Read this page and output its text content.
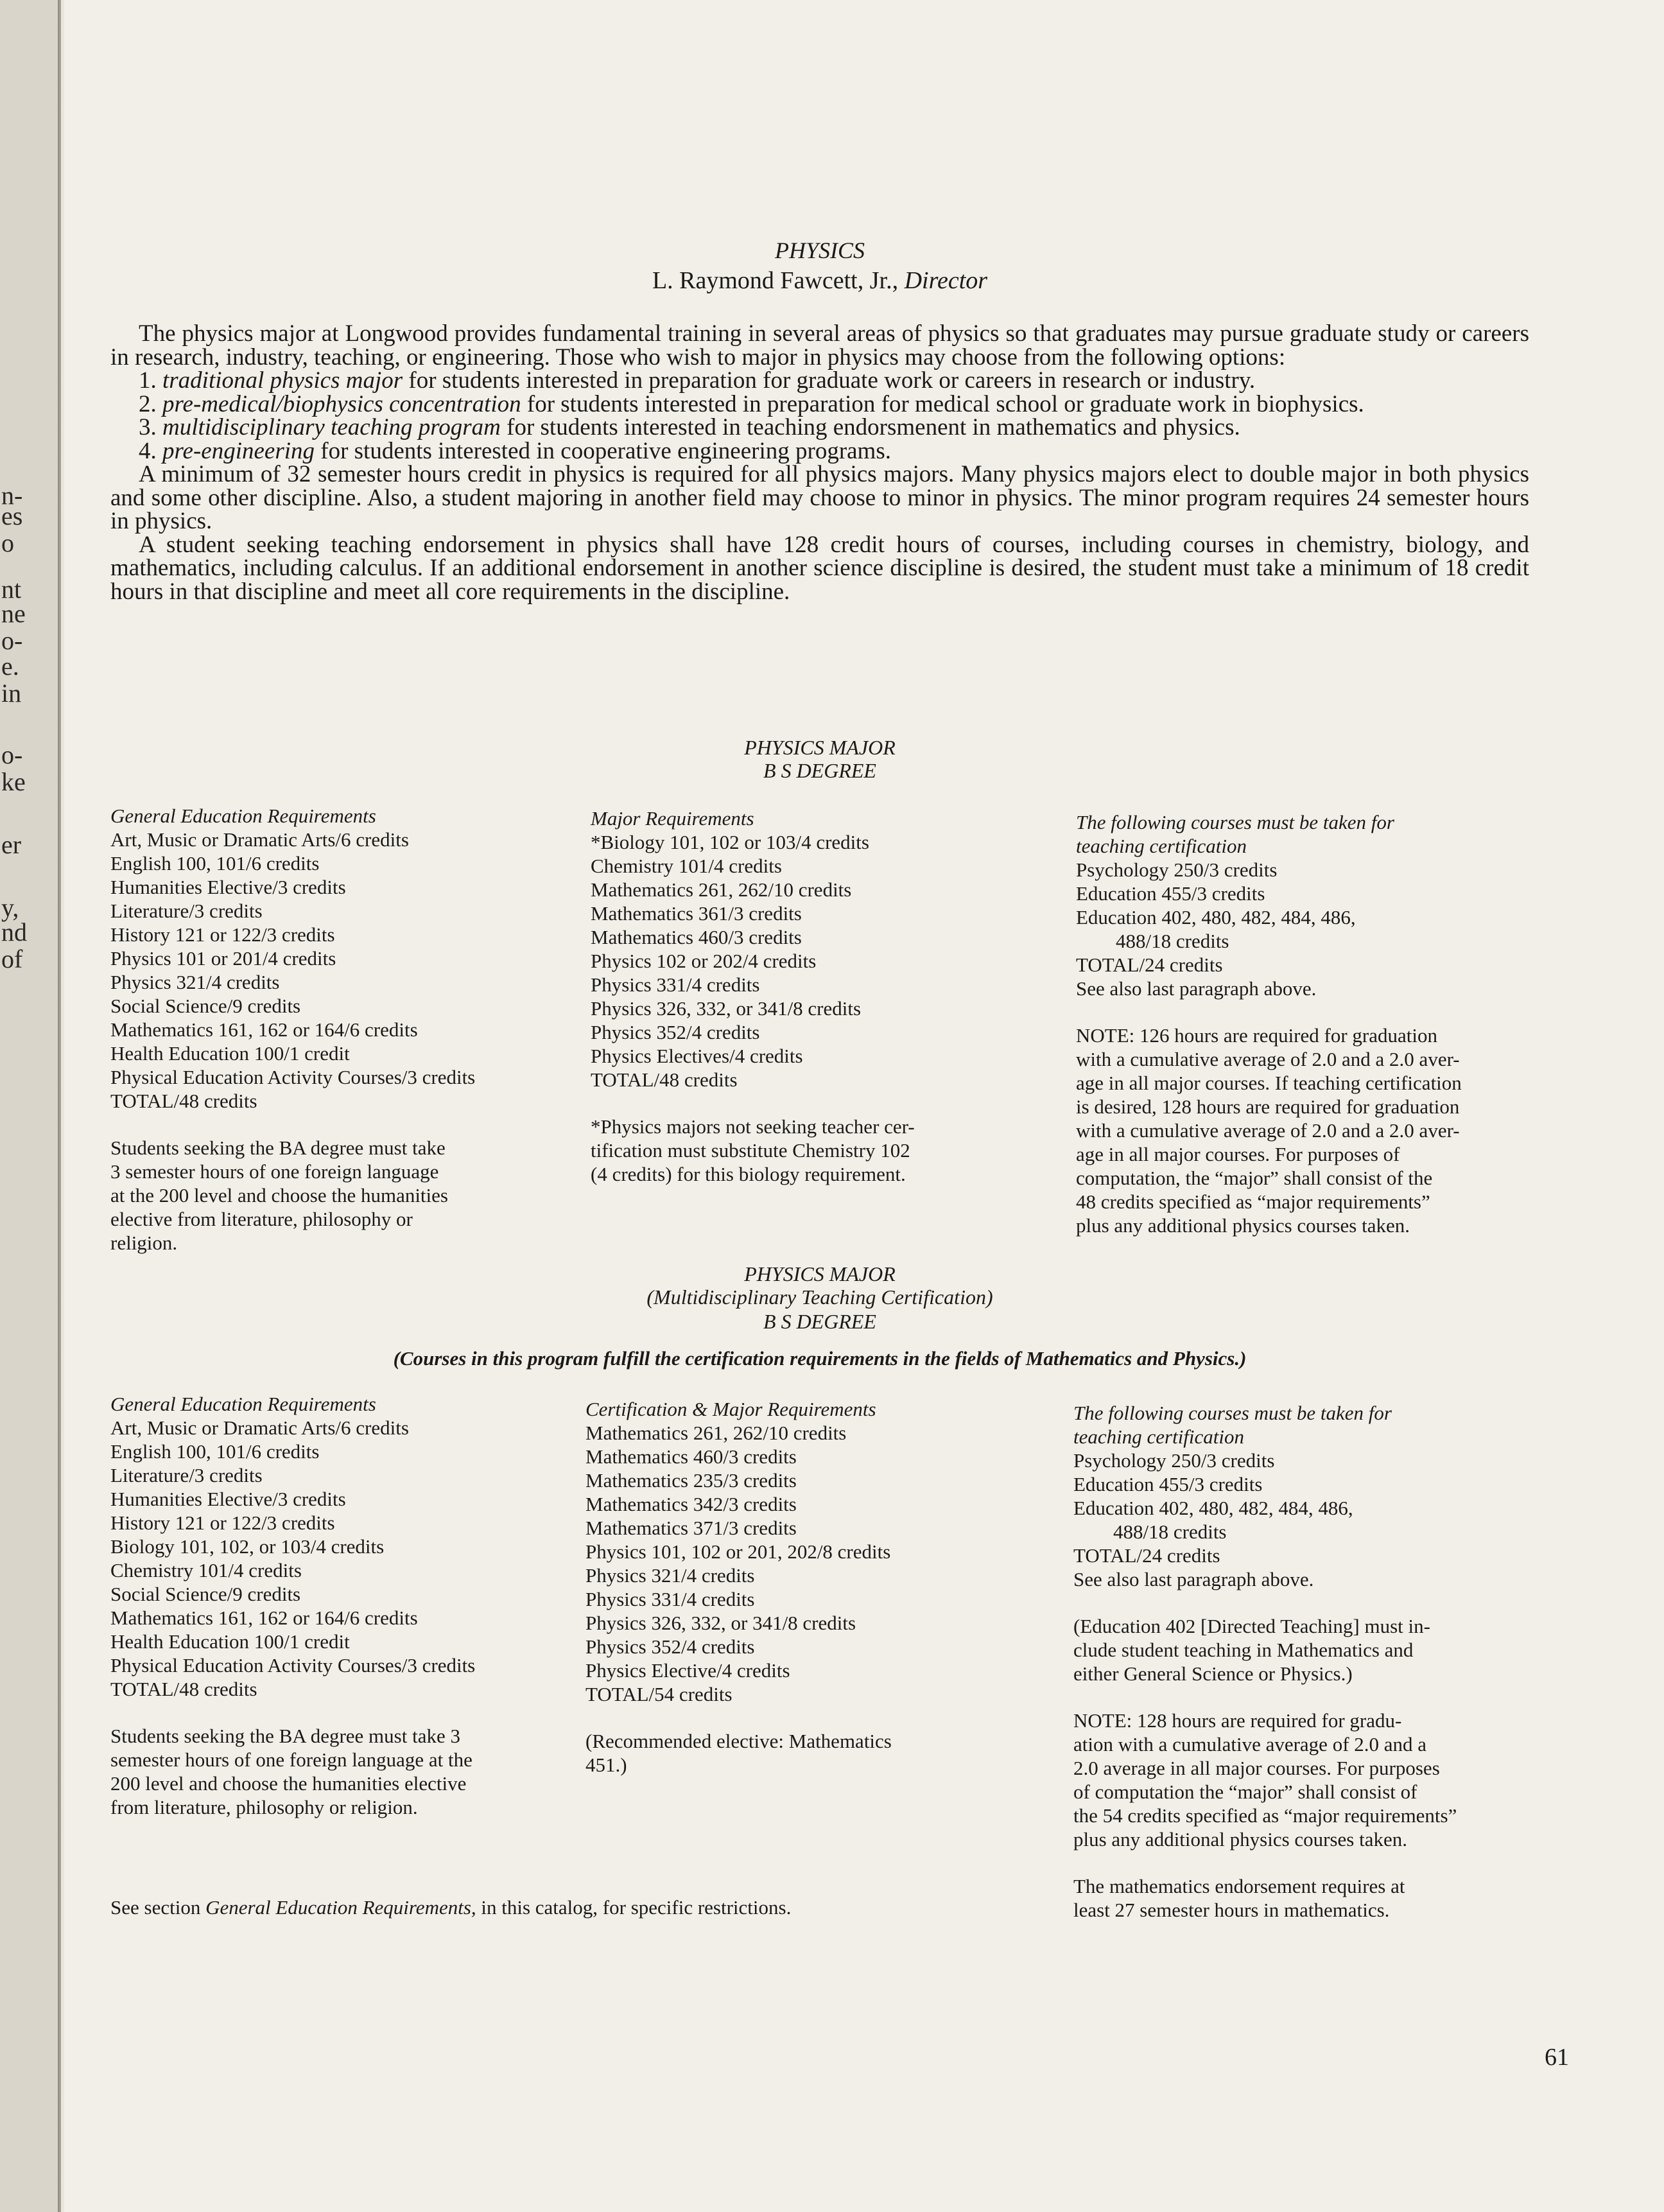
n-
es
o
nt
ne
o-
e.
in
o-
ke
er
y,
nd
of
PHYSICS
L. Raymond Fawcett, Jr., Director

The physics major at Longwood provides fundamental training in several areas of physics so that graduates may pursue graduate study or careers in research, industry, teaching, or engineering. Those who wish to major in physics may choose from the following options:

1. traditional physics major for students interested in preparation for graduate work or careers in research or industry.

2. pre-medical/biophysics concentration for students interested in preparation for medical school or graduate work in biophysics.

3. multidisciplinary teaching program for students interested in teaching endorsmenent in mathematics and physics.

4. pre-engineering for students interested in cooperative engineering programs.

A minimum of 32 semester hours credit in physics is required for all physics majors. Many physics majors elect to double major in both physics and some other discipline. Also, a student majoring in another field may choose to minor in physics. The minor program requires 24 semester hours in physics.

A student seeking teaching endorsement in physics shall have 128 credit hours of courses, including courses in chemistry, biology, and mathematics, including calculus. If an additional endorsement in another science discipline is desired, the student must take a minimum of 18 credit hours in that discipline and meet all core requirements in the discipline.

PHYSICS MAJOR
B S DEGREE
General Education Requirements

Art, Music or Dramatic Arts/6 credits

English 100, 101/6 credits

Humanities Elective/3 credits

Literature/3 credits

History 121 or 122/3 credits

Physics 101 or 201/4 credits

Physics 321/4 credits

Social Science/9 credits

Mathematics 161, 162 or 164/6 credits

Health Education 100/1 credit

Physical Education Activity Courses/3 credits

TOTAL/48 credits

Students seeking the BA degree must take

3 semester hours of one foreign language

at the 200 level and choose the humanities

elective from literature, philosophy or

religion.

Major Requirements

*Biology 101, 102 or 103/4 credits

Chemistry 101/4 credits

Mathematics 261, 262/10 credits

Mathematics 361/3 credits

Mathematics 460/3 credits

Physics 102 or 202/4 credits

Physics 331/4 credits

Physics 326, 332, or 341/8 credits

Physics 352/4 credits

Physics Electives/4 credits

TOTAL/48 credits

*Physics majors not seeking teacher cer-

tification must substitute Chemistry 102

(4 credits) for this biology requirement.

The following courses must be taken for

teaching certification

Psychology 250/3 credits

Education 455/3 credits

Education 402, 480, 482, 484, 486,

488/18 credits

TOTAL/24 credits

See also last paragraph above.

NOTE: 126 hours are required for graduation

with a cumulative average of 2.0 and a 2.0 aver-

age in all major courses. If teaching certification

is desired, 128 hours are required for graduation

with a cumulative average of 2.0 and a 2.0 aver-

age in all major courses. For purposes of

computation, the “major” shall consist of the

48 credits specified as “major requirements”

plus any additional physics courses taken.

PHYSICS MAJOR
(Multidisciplinary Teaching Certification)
B S DEGREE
(Courses in this program fulfill the certification requirements in the fields of Mathematics and Physics.)
General Education Requirements

Art, Music or Dramatic Arts/6 credits

English 100, 101/6 credits

Literature/3 credits

Humanities Elective/3 credits

History 121 or 122/3 credits

Biology 101, 102, or 103/4 credits

Chemistry 101/4 credits

Social Science/9 credits

Mathematics 161, 162 or 164/6 credits

Health Education 100/1 credit

Physical Education Activity Courses/3 credits

TOTAL/48 credits

Students seeking the BA degree must take 3

semester hours of one foreign language at the

200 level and choose the humanities elective

from literature, philosophy or religion.

Certification & Major Requirements

Mathematics 261, 262/10 credits

Mathematics 460/3 credits

Mathematics 235/3 credits

Mathematics 342/3 credits

Mathematics 371/3 credits

Physics 101, 102 or 201, 202/8 credits

Physics 321/4 credits

Physics 331/4 credits

Physics 326, 332, or 341/8 credits

Physics 352/4 credits

Physics Elective/4 credits

TOTAL/54 credits

(Recommended elective: Mathematics

451.)

The following courses must be taken for

teaching certification

Psychology 250/3 credits

Education 455/3 credits

Education 402, 480, 482, 484, 486,

488/18 credits

TOTAL/24 credits

See also last paragraph above.

(Education 402 [Directed Teaching] must in-

clude student teaching in Mathematics and

either General Science or Physics.)

NOTE: 128 hours are required for gradu-

ation with a cumulative average of 2.0 and a

2.0 average in all major courses. For purposes

of computation the “major” shall consist of

the 54 credits specified as “major requirements”

plus any additional physics courses taken.

The mathematics endorsement requires at

least 27 semester hours in mathematics.

See section General Education Requirements, in this catalog, for specific restrictions.
61
